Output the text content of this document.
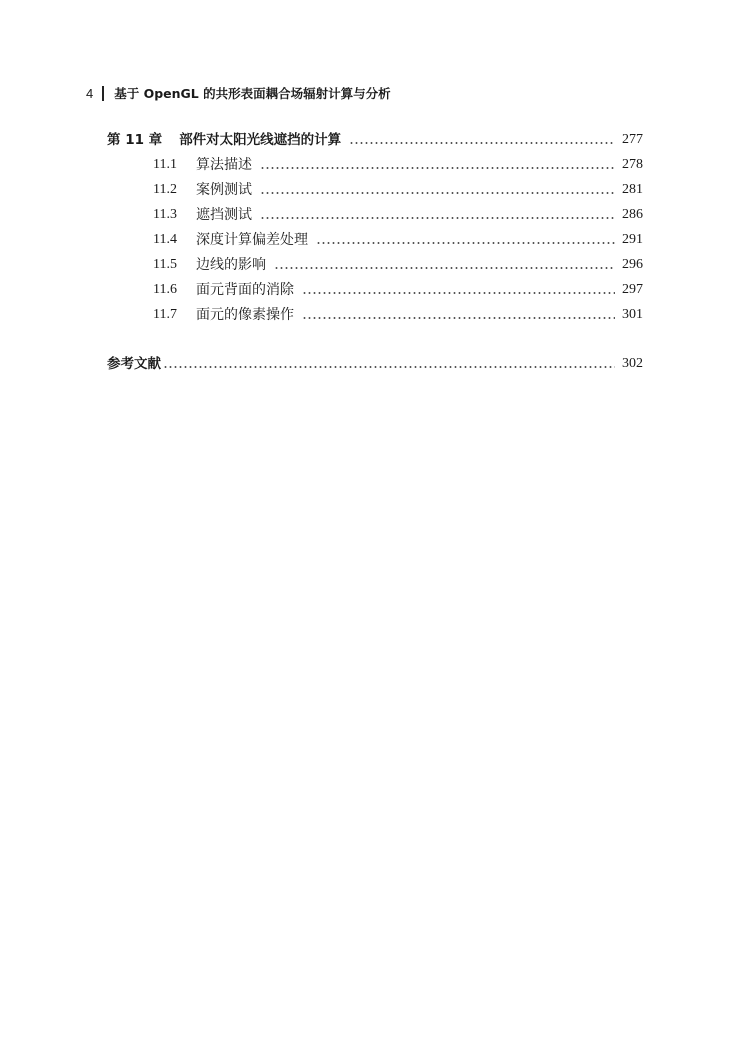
4 基于 OpenGL 的共形表面耦合场辐射计算与分析
第 11 章 部件对太阳光线遮挡的计算	277
11.1 算法描述	278
11.2 案例测试	281
11.3 遮挡测试	286
11.4 深度计算偏差处理	291
11.5 边线的影响	296
11.6 面元背面的消除	297
11.7 面元的像素操作	301
参考文献	302
